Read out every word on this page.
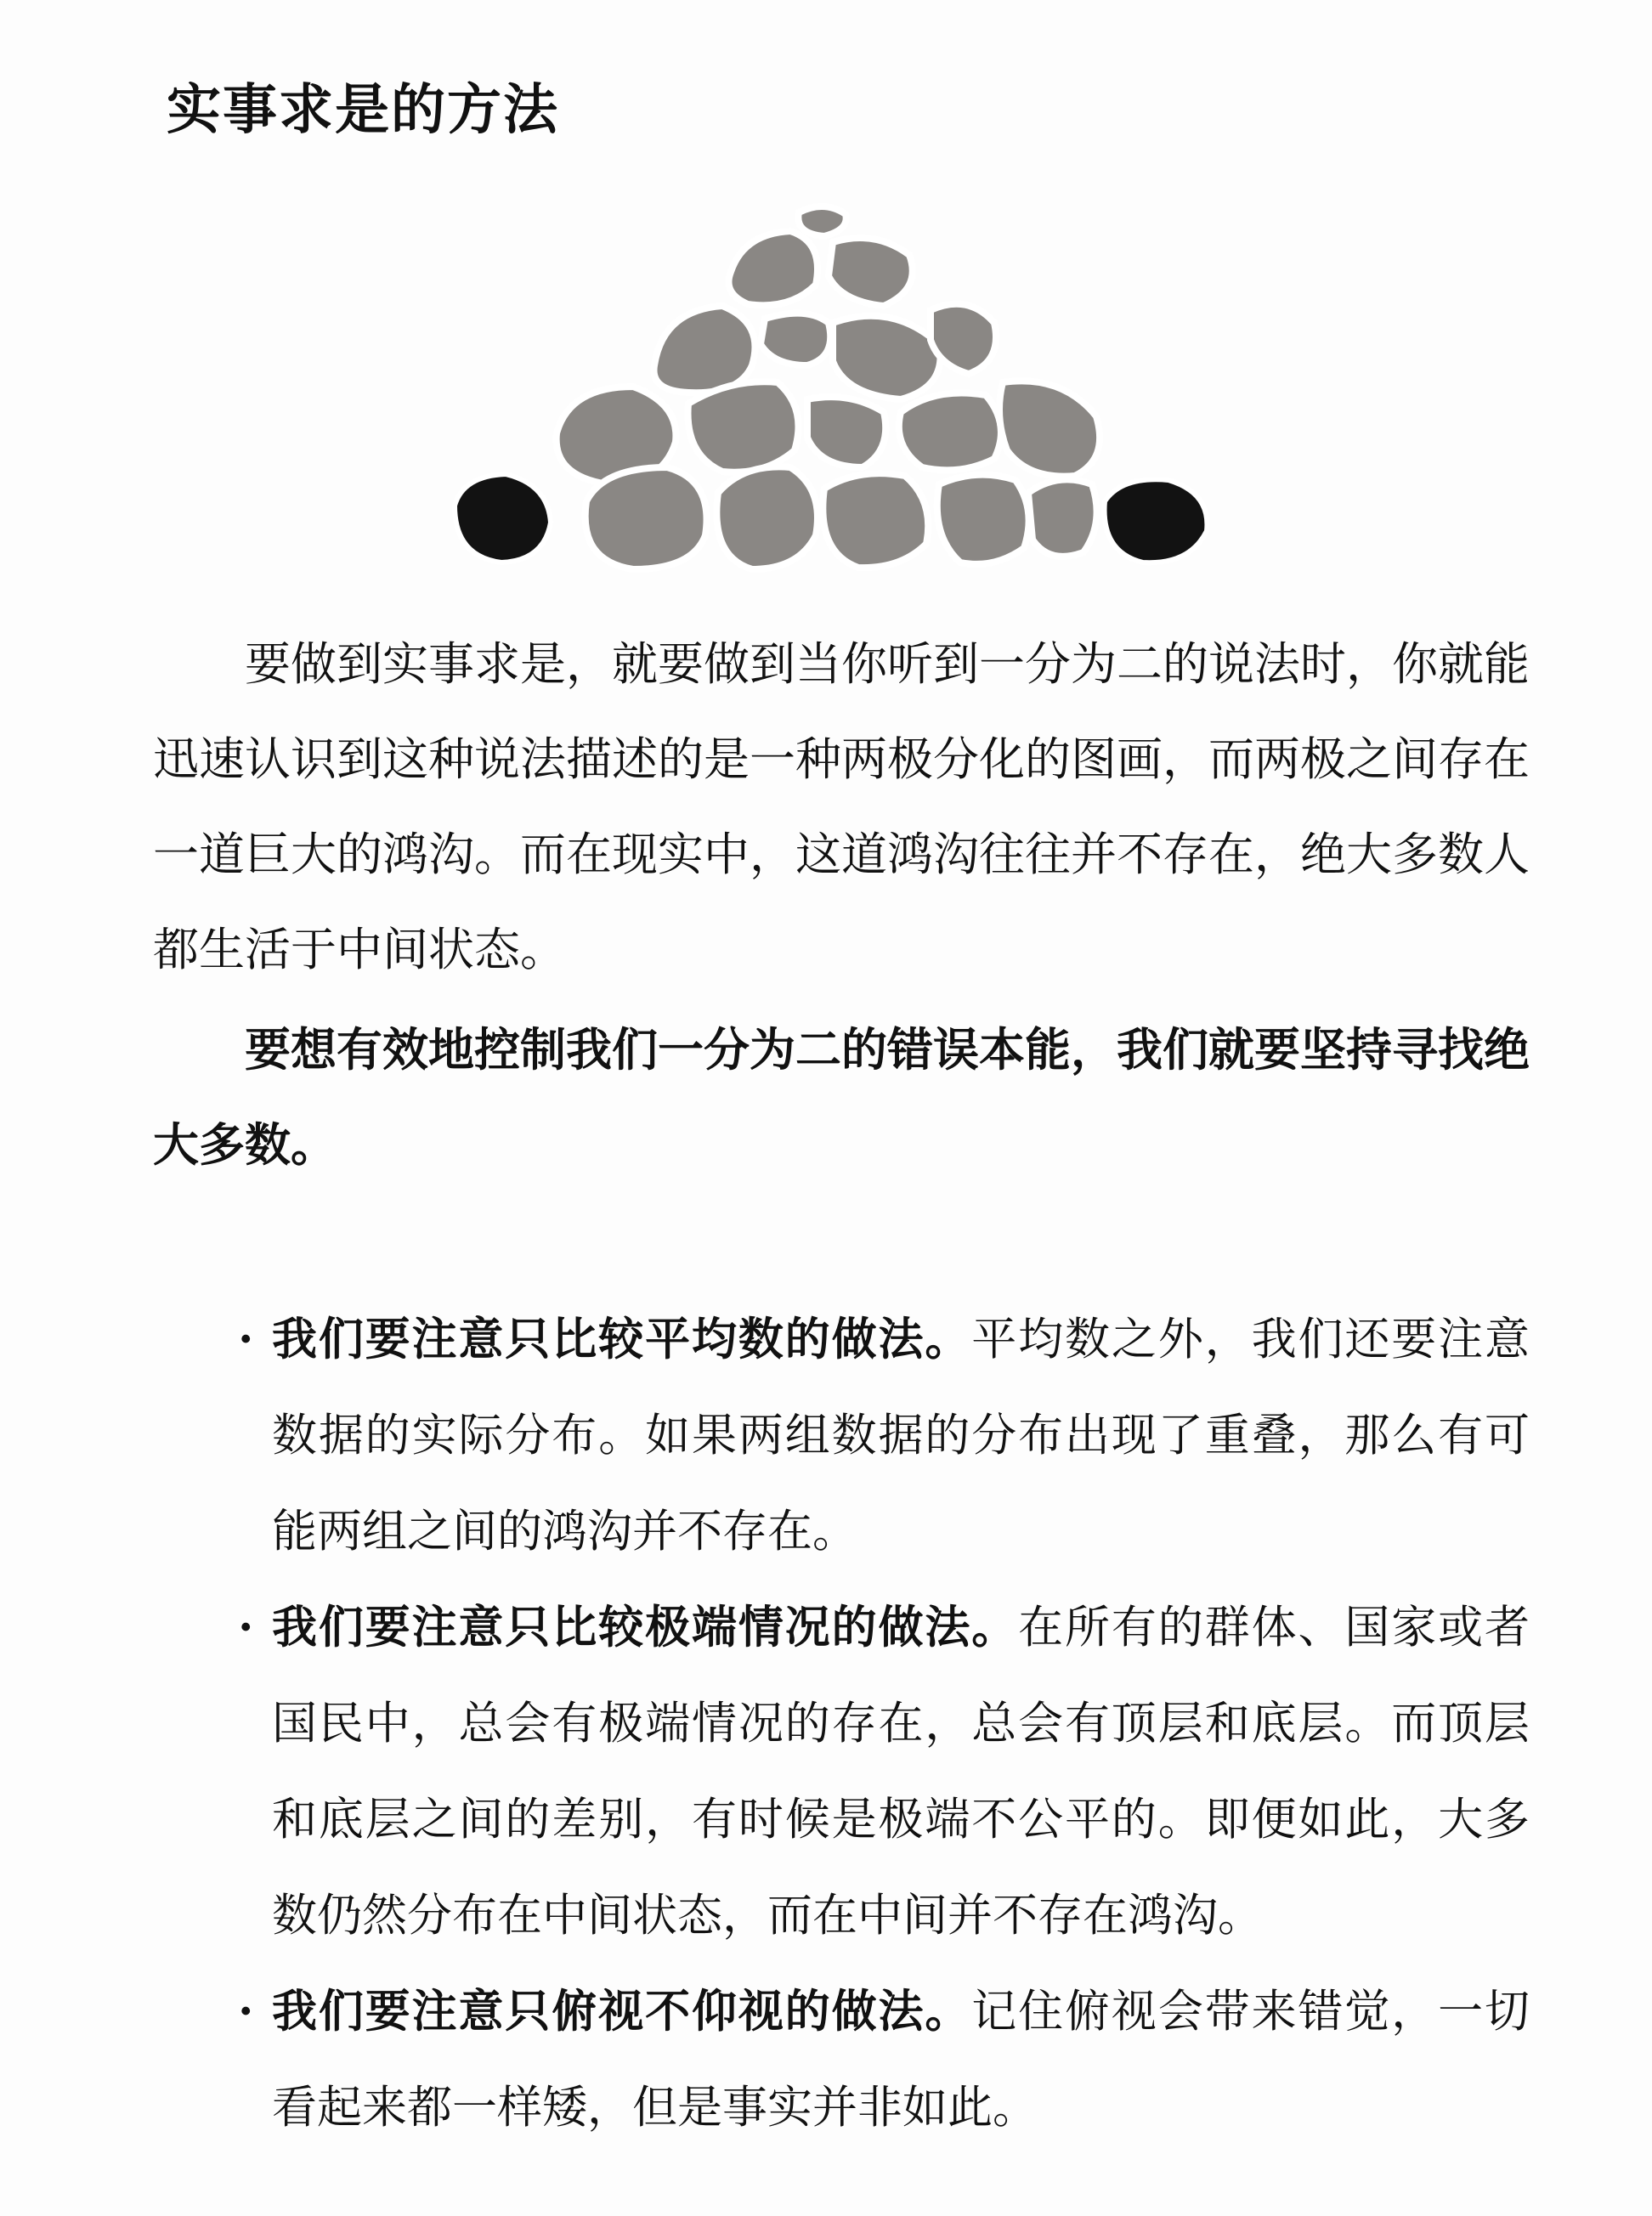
实事求是的方法

要做到实事求是，就要做到当你听到一分为二的说法时，你就能迅速认识到这种说法描述的是一种两极分化的图画，而两极之间存在一道巨大的鸿沟。而在现实中，这道鸿沟往往并不存在，绝大多数人都生活于中间状态。

要想有效地控制我们一分为二的错误本能，我们就要坚持寻找绝大多数。

· 我们要注意只比较平均数的做法。平均数之外，我们还要注意数据的实际分布。如果两组数据的分布出现了重叠，那么有可能两组之间的鸿沟并不存在。
· 我们要注意只比较极端情况的做法。在所有的群体、国家或者国民中，总会有极端情况的存在，总会有顶层和底层。而顶层和底层之间的差别，有时候是极端不公平的。即便如此，大多数仍然分布在中间状态，而在中间并不存在鸿沟。
· 我们要注意只俯视不仰视的做法。记住俯视会带来错觉，一切看起来都一样矮，但是事实并非如此。
